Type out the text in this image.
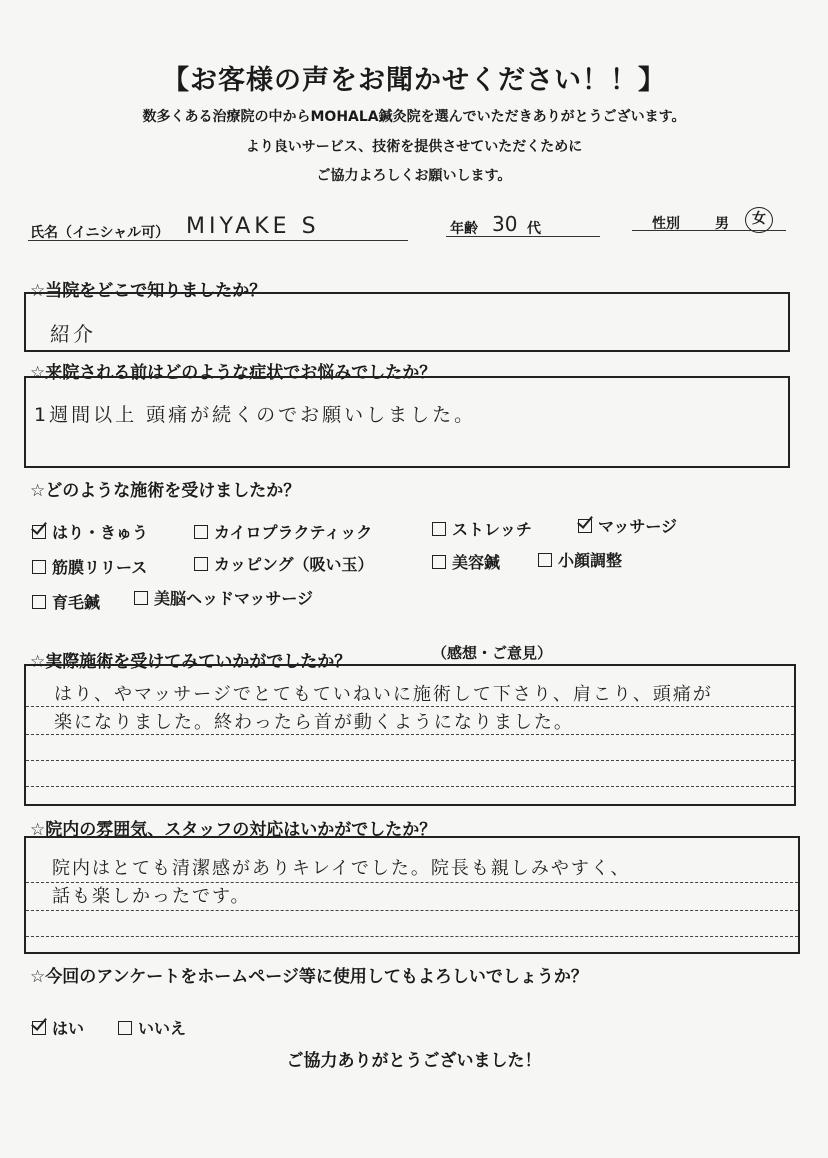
【お客様の声をお聞かせください！！】
数多くある治療院の中からMOHALA鍼灸院を選んでいただきありがとうございます。
より良いサービス、技術を提供させていただくために
ご協力よろしくお願いします。
氏名（イニシャル可） MIYAKE S	年齢 30 代	性別	男	女
☆当院をどこで知りましたか？
紹介
☆来院される前はどのような症状でお悩みでしたか？
1週間以上 頭痛が続くのでお願いしました。
☆どのような施術を受けましたか？
はり・きゅう	カイロプラクティック	ストレッチ	マッサージ
筋膜リリース	カッピング（吸い玉）	美容鍼	小顔調整
育毛鍼	美脳ヘッドマッサージ
☆実際施術を受けてみていかがでしたか？	（感想・ご意見）
はり、やマッサージでとてもていねいに施術して下さり、肩こり、頭痛が
楽になりました。終わったら首が動くようになりました。
☆院内の雰囲気、スタッフの対応はいかがでしたか？
院内はとても清潔感がありキレイでした。院長も親しみやすく、
話も楽しかったです。
☆今回のアンケートをホームページ等に使用してもよろしいでしょうか？
はい	いいえ
ご協力ありがとうございました！
